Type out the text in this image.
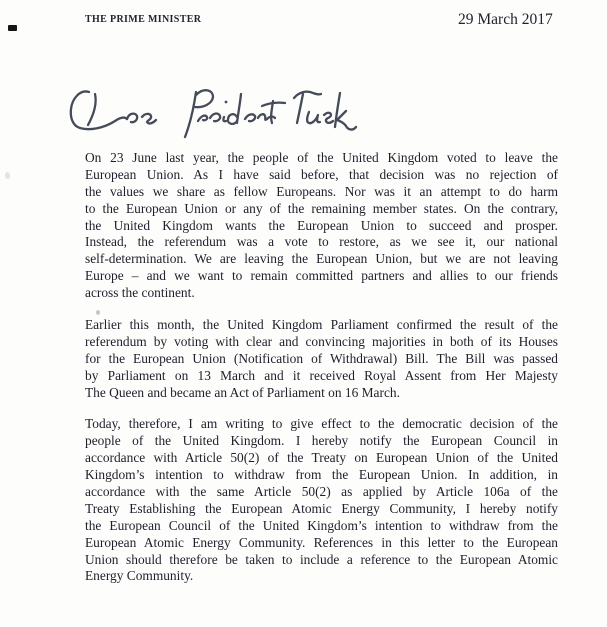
THE PRIME MINISTER	29 March 2017
On 23 June last year, the people of the United Kingdom voted to leave the
European Union. As I have said before, that decision was no rejection of
the values we share as fellow Europeans. Nor was it an attempt to do harm
to the European Union or any of the remaining member states. On the contrary,
the United Kingdom wants the European Union to succeed and prosper.
Instead, the referendum was a vote to restore, as we see it, our national
self-determination. We are leaving the European Union, but we are not leaving
Europe – and we want to remain committed partners and allies to our friends
across the continent.
Earlier this month, the United Kingdom Parliament confirmed the result of the
referendum by voting with clear and convincing majorities in both of its Houses
for the European Union (Notification of Withdrawal) Bill. The Bill was passed
by Parliament on 13 March and it received Royal Assent from Her Majesty
The Queen and became an Act of Parliament on 16 March.
Today, therefore, I am writing to give effect to the democratic decision of the
people of the United Kingdom. I hereby notify the European Council in
accordance with Article 50(2) of the Treaty on European Union of the United
Kingdom’s intention to withdraw from the European Union. In addition, in
accordance with the same Article 50(2) as applied by Article 106a of the
Treaty Establishing the European Atomic Energy Community, I hereby notify
the European Council of the United Kingdom’s intention to withdraw from the
European Atomic Energy Community. References in this letter to the European
Union should therefore be taken to include a reference to the European Atomic
Energy Community.
